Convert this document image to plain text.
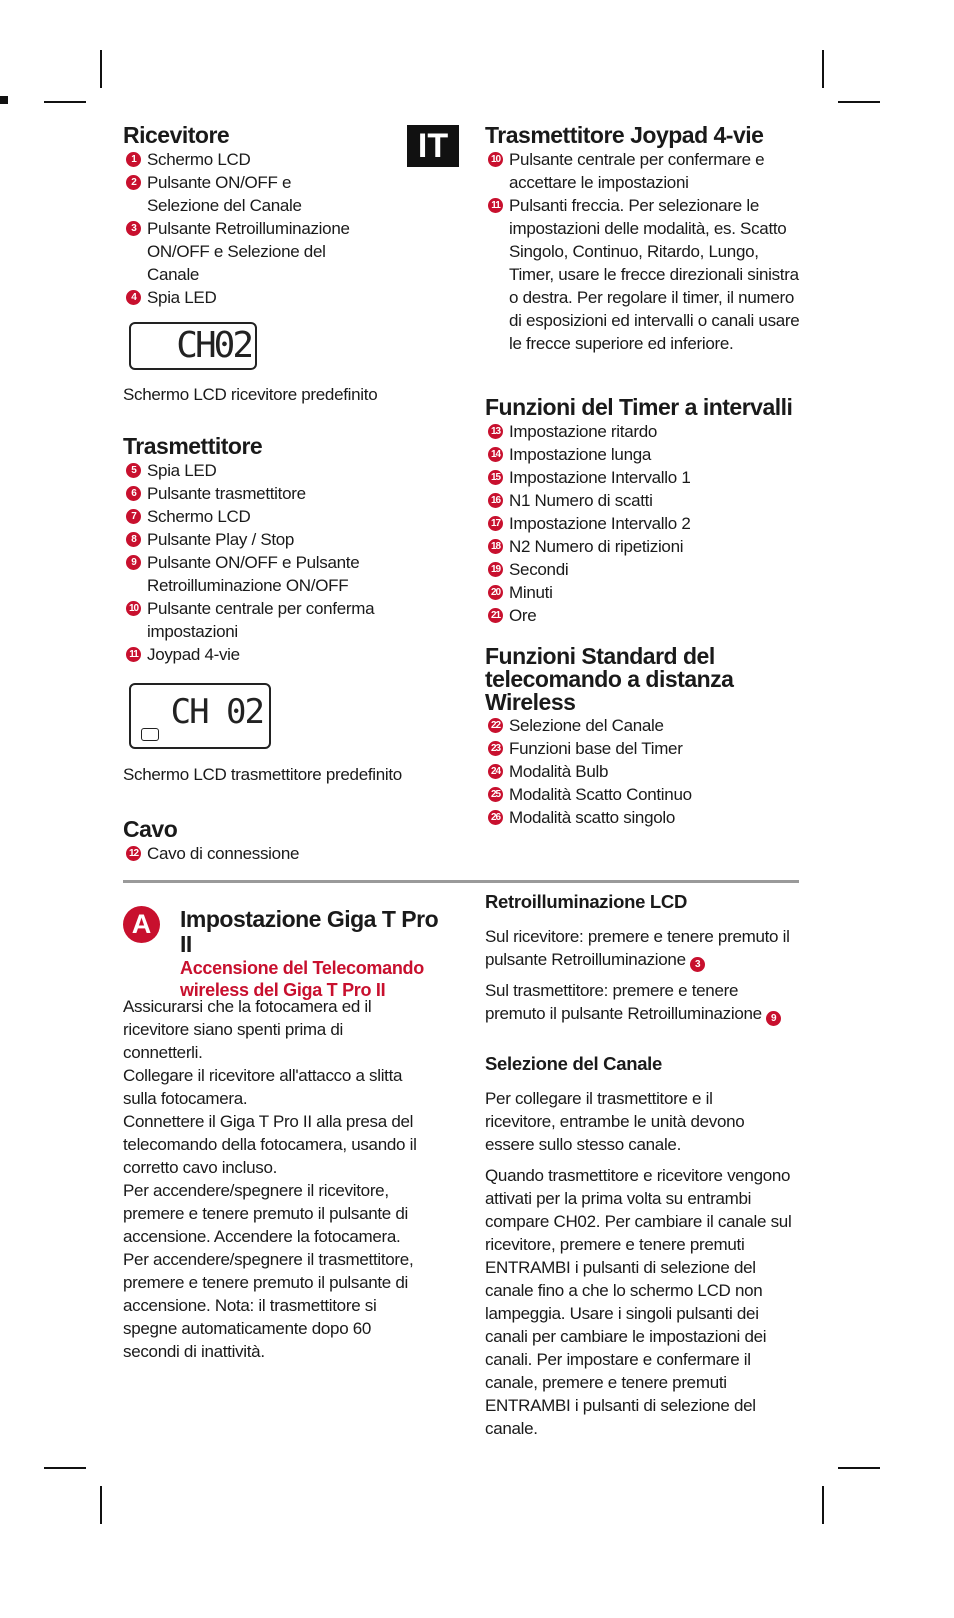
IT
Ricevitore
1 Schermo LCD
2 Pulsante ON/OFF e Selezione del Canale
3 Pulsante Retroilluminazione ON/OFF e Selezione del Canale
4 Spia LED
CH02
Schermo LCD ricevitore predefinito
Trasmettitore
5 Spia LED
6 Pulsante trasmettitore
7 Schermo LCD
8 Pulsante Play / Stop
9 Pulsante ON/OFF e Pulsante Retroilluminazione ON/OFF
10 Pulsante centrale per conferma impostazioni
11 Joypad 4-vie
CH 02
Schermo LCD trasmettitore predefinito
Cavo
12 Cavo di connessione
Trasmettitore Joypad 4-vie
10 Pulsante centrale per confermare e accettare le impostazioni
11 Pulsanti freccia. Per selezionare le impostazioni delle modalità, es. Scatto Singolo, Continuo, Ritardo, Lungo, Timer, usare le frecce direzionali sinistra o destra. Per regolare il timer, il numero di esposizioni ed intervalli o canali usare le frecce superiore ed inferiore.
Funzioni del Timer a intervalli
13 Impostazione ritardo
14 Impostazione lunga
15 Impostazione Intervallo 1
16 N1 Numero di scatti
17 Impostazione Intervallo 2
18 N2 Numero di ripetizioni
19 Secondi
20 Minuti
21 Ore
Funzioni Standard del telecomando a distanza Wireless
22 Selezione del Canale
23 Funzioni base del Timer
24 Modalità Bulb
25 Modalità Scatto Continuo
26 Modalità scatto singolo
A	Impostazione Giga T Pro II
Accensione del Telecomando wireless del Giga T Pro II

Assicurarsi che la fotocamera ed il ricevitore siano spenti prima di connetterli.

Collegare il ricevitore all'attacco a slitta sulla fotocamera.

Connettere il Giga T Pro II alla presa del telecomando della fotocamera, usando il corretto cavo incluso.

Per accendere/spegnere il ricevitore, premere e tenere premuto il pulsante di accensione. Accendere la fotocamera.

Per accendere/spegnere il trasmettitore, premere e tenere premuto il pulsante di accensione. Nota: il trasmettitore si spegne automaticamente dopo 60 secondi di inattività.

Retroilluminazione LCD

Sul ricevitore: premere e tenere premuto il pulsante Retroilluminazione 3

Sul trasmettitore: premere e tenere premuto il pulsante Retroilluminazione 9

Selezione del Canale

Per collegare il trasmettitore e il ricevitore, entrambe le unità devono essere sullo stesso canale.

Quando trasmettitore e ricevitore vengono attivati per la prima volta su entrambi compare CH02. Per cambiare il canale sul ricevitore, premere e tenere premuti ENTRAMBI i pulsanti di selezione del canale fino a che lo schermo LCD non lampeggia. Usare i singoli pulsanti dei canali per cambiare le impostazioni dei canali. Per impostare e confermare il canale, premere e tenere premuti ENTRAMBI i pulsanti di selezione del canale.
